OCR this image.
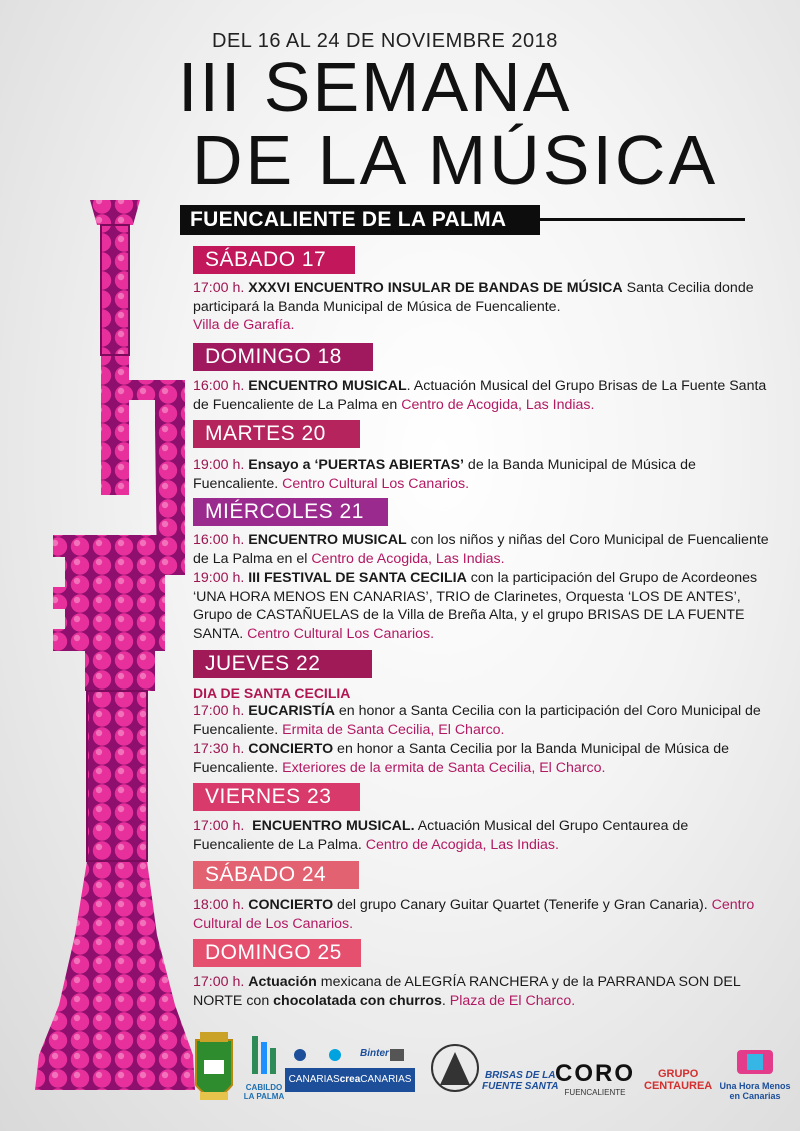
DEL 16 AL 24 DE NOVIEMBRE 2018
III SEMANA
DE LA MÚSICA
FUENCALIENTE DE LA PALMA
SÁBADO 17
17:00 h. XXXVI ENCUENTRO INSULAR DE BANDAS DE MÚSICA Santa Cecilia donde participará la Banda Municipal de Música de Fuencaliente.
Villa de Garafía.
DOMINGO 18
16:00 h. ENCUENTRO MUSICAL. Actuación Musical del Grupo Brisas de La Fuente Santa de Fuencaliente de La Palma en Centro de Acogida, Las Indias.
MARTES 20
19:00 h. Ensayo a ‘PUERTAS ABIERTAS’ de la Banda Municipal de Música de Fuencaliente. Centro Cultural Los Canarios.
MIÉRCOLES 21
16:00 h. ENCUENTRO MUSICAL con los niños y niñas del Coro Municipal de Fuencaliente de La Palma en el Centro de Acogida, Las Indias.
19:00 h. III FESTIVAL DE SANTA CECILIA con la participación del Grupo de Acordeones ‘UNA HORA MENOS EN CANARIAS’, TRIO de Clarinetes, Orquesta ‘LOS DE ANTES’, Grupo de CASTAÑUELAS de la Villa de Breña Alta, y el grupo BRISAS DE LA FUENTE SANTA. Centro Cultural Los Canarios.
JUEVES 22
DIA DE SANTA CECILIA
17:00 h. EUCARISTÍA en honor a Santa Cecilia con la participación del Coro Municipal de Fuencaliente. Ermita de Santa Cecilia, El Charco.
17:30 h. CONCIERTO en honor a Santa Cecilia por la Banda Municipal de Música de Fuencaliente. Exteriores de la ermita de Santa Cecilia, El Charco.
VIERNES 23
17:00 h. ENCUENTRO MUSICAL. Actuación Musical del Grupo Centaurea de Fuencaliente de La Palma. Centro de Acogida, Las Indias.
SÁBADO 24
18:00 h. CONCIERTO del grupo Canary Guitar Quartet (Tenerife y Gran Canaria). Centro Cultural de Los Canarios.
DOMINGO 25
17:00 h. Actuación mexicana de ALEGRÍA RANCHERA y de la PARRANDA SON DEL NORTE con chocolatada con churros. Plaza de El Charco.
CABILDO
LA PALMA
CANARIAScreaCANARIAS
Binter
BRISAS DE LA
FUENTE SANTA
CORO
FUENCALIENTE
GRUPO
CENTAUREA Una Hora Menos
en Canarias
